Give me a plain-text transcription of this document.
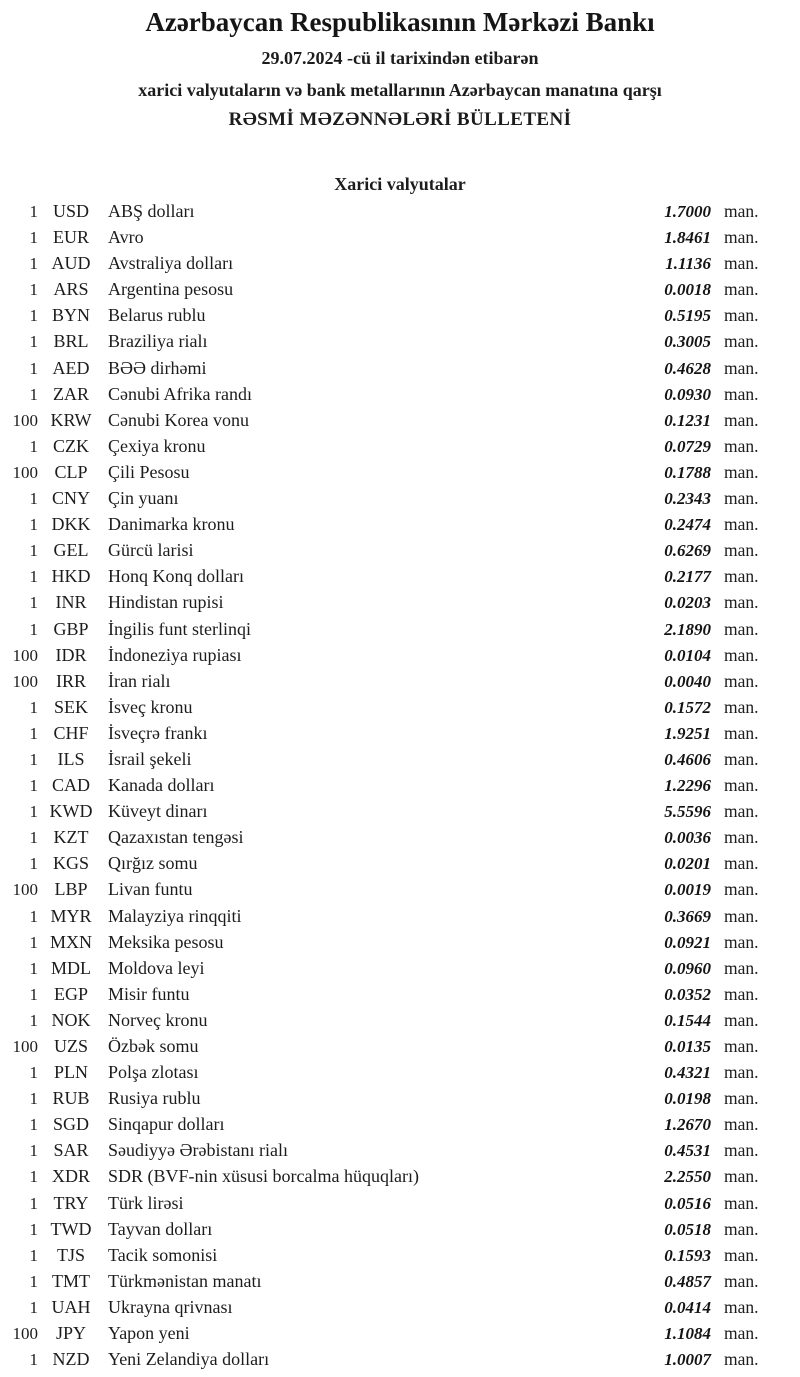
Azərbaycan Respublikasının Mərkəzi Bankı
29.07.2024 -cü il tarixindən etibarən
xarici valyutaların və bank metallarının Azərbaycan manatına qarşı
RƏSMİ MƏZƏNNƏLƏRİ BÜLLETENİ
Xarici valyutalar
1 USD	ABŞ dolları	1.7000 man.
1 EUR	Avro	1.8461 man.
1 AUD Avstraliya dolları	1.1136 man.
1 ARS	Argentina pesosu	0.0018 man.
1 BYN	Belarus rublu	0.5195 man.
1 BRL	Braziliya rialı	0.3005 man.
1 AED	BƏƏ dirhəmi	0.4628 man.
1 ZAR	Cənubi Afrika randı	0.0930 man.
100 KRW Cənubi Korea vonu	0.1231 man.
1 CZK	Çexiya kronu	0.0729 man.
100 CLP	Çili Pesosu	0.1788 man.
1 CNY	Çin yuanı	0.2343 man.
1 DKK Danimarka kronu	0.2474 man.
1 GEL	Gürcü larisi	0.6269 man.
1 HKD Honq Konq dolları	0.2177 man.
1 INR	Hindistan rupisi	0.0203 man.
1 GBP	İngilis funt sterlinqi	2.1890 man.
100 IDR	İndoneziya rupiası	0.0104 man.
100 IRR	İran rialı	0.0040 man.
1 SEK	İsveç kronu	0.1572 man.
1 CHF	İsveçrə frankı	1.9251 man.
1	ILS	İsrail şekeli	0.4606 man.
1 CAD	Kanada dolları	1.2296 man.
1 KWD Küveyt dinarı	5.5596 man.
1 KZT	Qazaxıstan tengəsi	0.0036 man.
1 KGS	Qırğız somu	0.0201 man.
100 LBP	Livan funtu	0.0019 man.
1 MYR Malayziya rinqqiti	0.3669 man.
1 MXN Meksika pesosu	0.0921 man.
1 MDL Moldova leyi	0.0960 man.
1 EGP	Misir funtu	0.0352 man.
1 NOK Norveç kronu	0.1544 man.
100 UZS	Özbək somu	0.0135 man.
1 PLN	Polşa zlotası	0.4321 man.
1 RUB	Rusiya rublu	0.0198 man.
1 SGD	Sinqapur dolları	1.2670 man.
1 SAR	Səudiyyə Ərəbistanı rialı	0.4531 man.
1 XDR	SDR (BVF-nin xüsusi borcalma hüquqları)	2.2550 man.
1 TRY	Türk lirəsi	0.0516 man.
1 TWD Tayvan dolları	0.0518 man.
1	TJS	Tacik somonisi	0.1593 man.
1 TMT	Türkmənistan manatı	0.4857 man.
1 UAH Ukrayna qrivnası	0.0414 man.
100 JPY	Yapon yeni	1.1084 man.
1 NZD	Yeni Zelandiya dolları	1.0007 man.
